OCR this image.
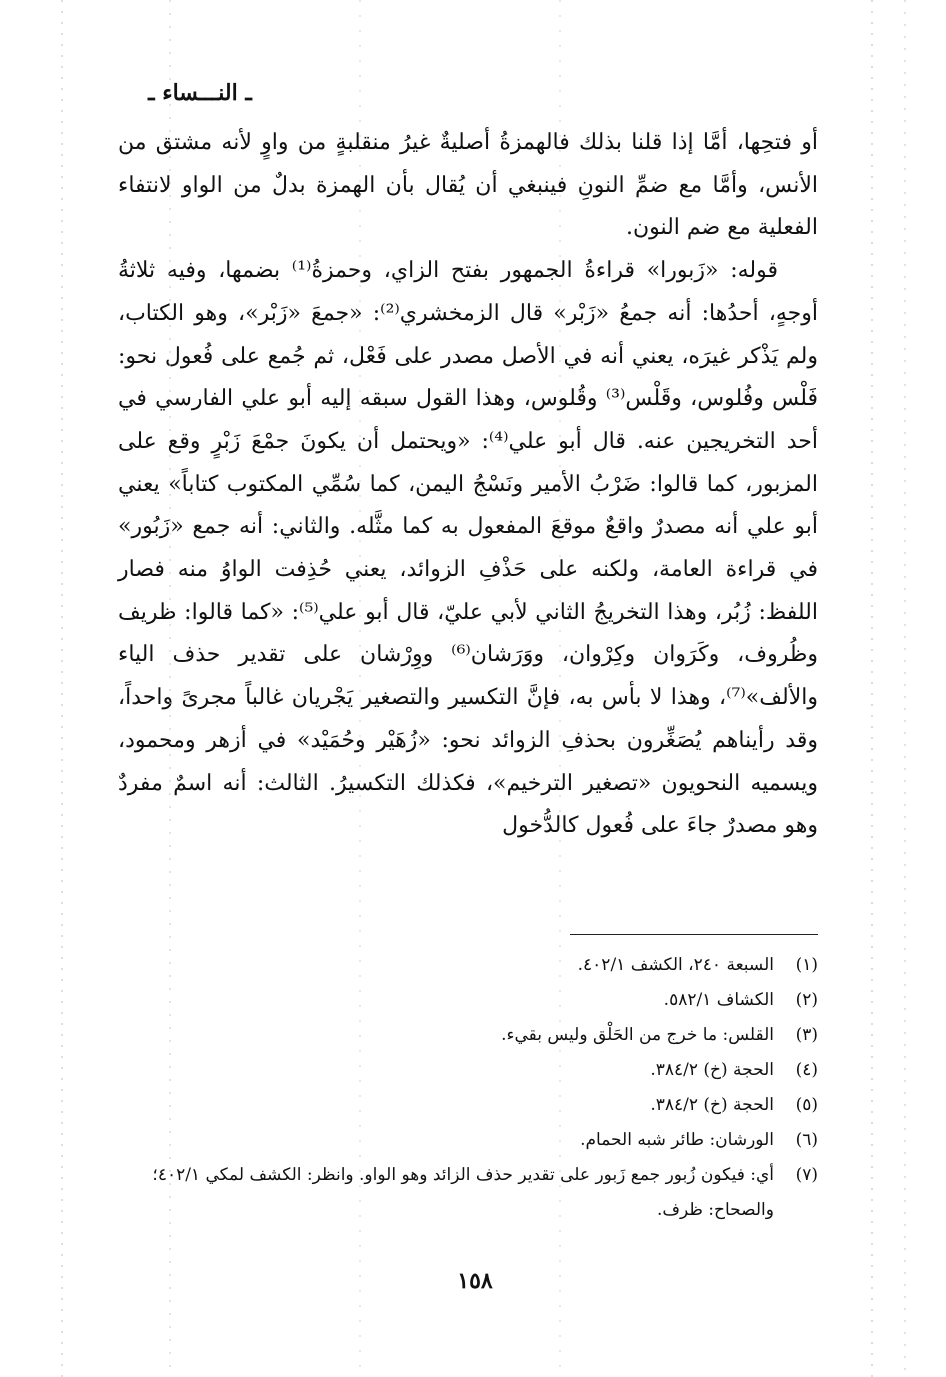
ـ النـــساء ـ

أو فتحِها، أمَّا إذا قلنا بذلك فالهمزةُ أصليةٌ غيرُ منقلبةٍ من واوٍ لأنه مشتق من الأنس، وأمَّا مع ضمِّ النونِ فينبغي أن يُقال بأن الهمزة بدلٌ من الواو لانتفاء الفعلية مع ضم النون.

قوله: «زَبورا» قراءةُ الجمهور بفتح الزاي، وحمزةُ⁽¹⁾ بضمها، وفيه ثلاثةُ أوجهٍ، أحدُها: أنه جمعُ «زَبْر» قال الزمخشري⁽²⁾: «جمعَ «زَبْر»، وهو الكتاب، ولم يَذْكر غيرَه، يعني أنه في الأصل مصدر على فَعْل، ثم جُمع على فُعول نحو: فَلْس وفُلوس، وقَلْس⁽³⁾ وقُلوس، وهذا القول سبقه إليه أبو علي الفارسي في أحد التخريجين عنه. قال أبو علي⁽⁴⁾: «ويحتمل أن يكونَ جمْعَ زَبْرٍ وقع على المزبور، كما قالوا: ضَرْبُ الأمير ونَسْجُ اليمن، كما سُمِّي المكتوب كتاباً» يعني أبو علي أنه مصدرٌ واقعٌ موقعَ المفعول به كما مثَّله. والثاني: أنه جمع «زَبُور» في قراءة العامة، ولكنه على حَذْفِ الزوائد، يعني حُذِفت الواوُ منه فصار اللفظ: زُبُر، وهذا التخريجُ الثاني لأبي عليّ، قال أبو علي⁽⁵⁾: «كما قالوا: ظريف وظُروف، وكَرَوان وكِرْوان، ووَرَشان⁽⁶⁾ ووِرْشان على تقدير حذف الياء والألف»⁽⁷⁾، وهذا لا بأس به، فإنَّ التكسير والتصغير يَجْريان غالباً مجرىً واحداً، وقد رأيناهم يُصَغِّرون بحذفِ الزوائد نحو: «زُهَيْر وحُمَيْد» في أزهر ومحمود، ويسميه النحويون «تصغير الترخيم»، فكذلك التكسيرُ. الثالث: أنه اسمٌ مفردٌ وهو مصدرٌ جاءَ على فُعول كالدُّخول

(١)
السبعة ٢٤٠، الكشف ٤٠٢/١.
(٢)
الكشاف ٥٨٢/١.
(٣)
القلس: ما خرج من الحَلْق وليس بقيء.
(٤)
الحجة (خ) ٣٨٤/٢.
(٥)
الحجة (خ) ٣٨٤/٢.
(٦)
الورشان: طائر شبه الحمام.
(٧)
أي: فيكون زُبور جمع زَبور على تقدير حذف الزائد وهو الواو. وانظر: الكشف لمكي ٤٠٢/١؛ والصحاح: ظرف.
١٥٨
